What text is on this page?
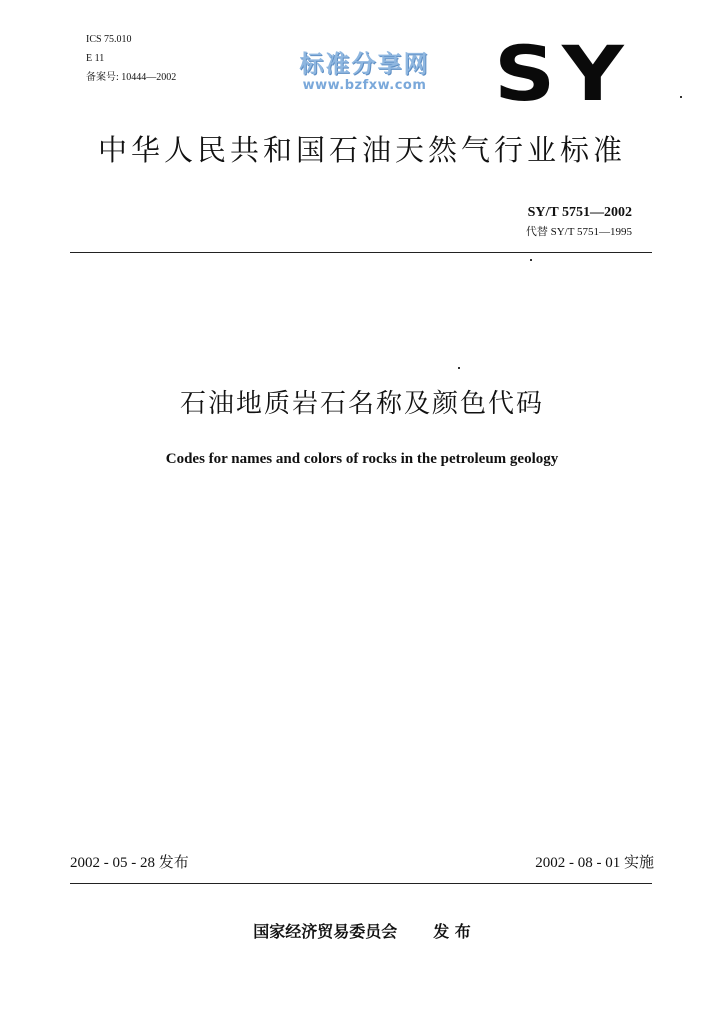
ICS 75.010
E 11
备案号: 10444—2002	标准分享网
www.bzfxw.com SY
中华人民共和国石油天然气行业标准
SY/T 5751—2002
代替 SY/T 5751—1995
石油地质岩石名称及颜色代码
Codes for names and colors of rocks in the petroleum geology
2002 - 05 - 28 发布	2002 - 08 - 01 实施
国家经济贸易委员会 发 布
